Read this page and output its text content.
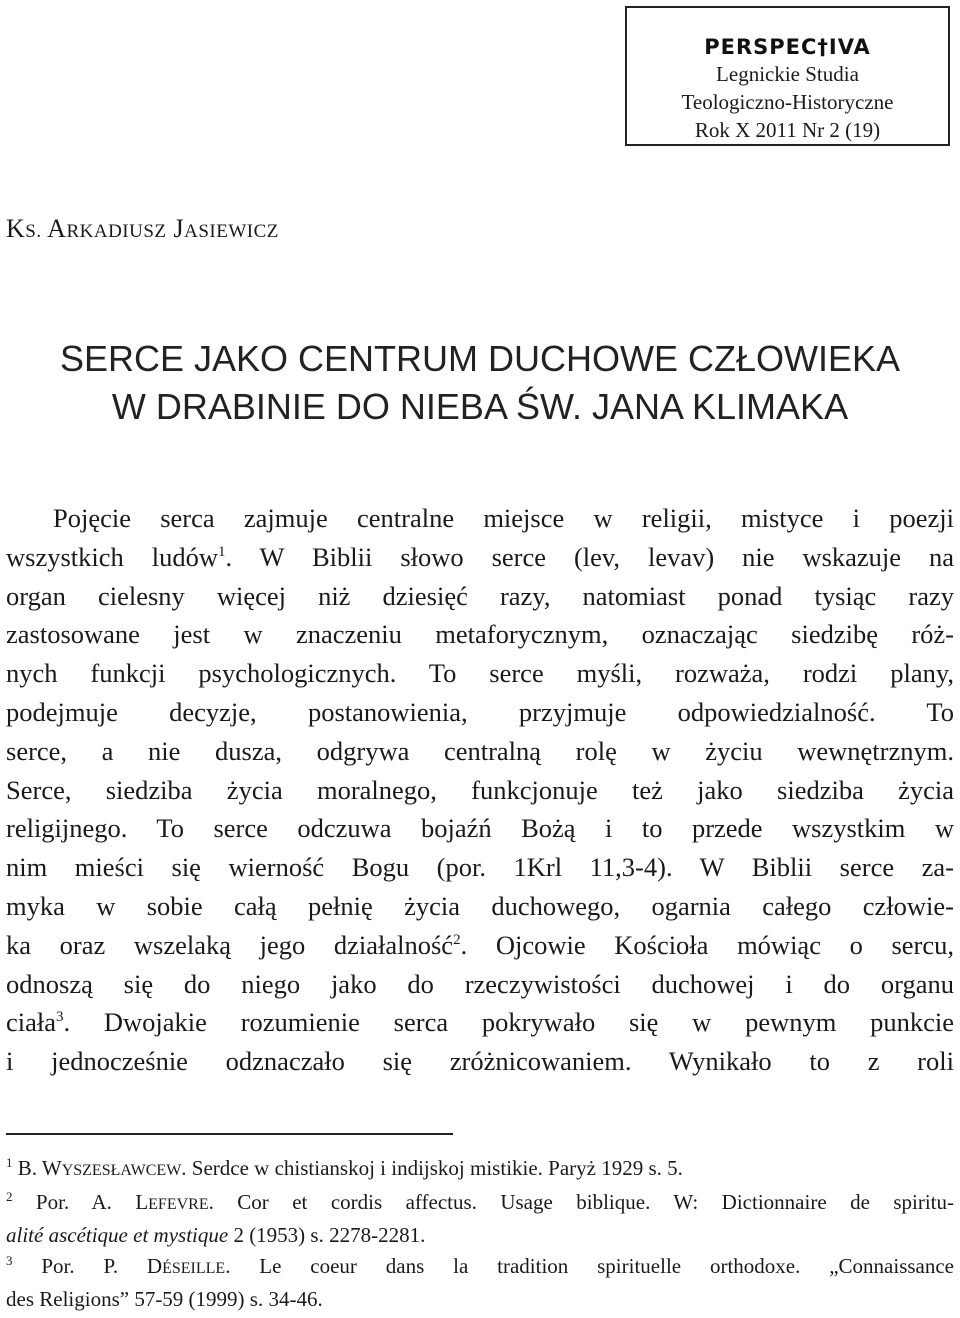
PERSPEC†IVA
Legnickie Studia
Teologiczno-Historyczne
Rok X 2011 Nr 2 (19)
KS. ARKADIUSZ JASIEWICZ
SERCE JAKO CENTRUM DUCHOWE CZŁOWIEKA
W DRABINIE DO NIEBA ŚW. JANA KLIMAKA
Pojęcie serca zajmuje centralne miejsce w religii, mistyce i poezji
wszystkich ludów$^1$. W Biblii słowo serce (lev, levav) nie wskazuje na
organ cielesny więcej niż dziesięć razy, natomiast ponad tysiąc razy
zastosowane jest w znaczeniu metaforycznym, oznaczając siedzibę róż-
nych funkcji psychologicznych. To serce myśli, rozważa, rodzi plany,
podejmuje decyzje, postanowienia, przyjmuje odpowiedzialność. To
serce, a nie dusza, odgrywa centralną rolę w życiu wewnętrznym.
Serce, siedziba życia moralnego, funkcjonuje też jako siedziba życia
religijnego. To serce odczuwa bojaźń Bożą i to przede wszystkim w
nim mieści się wierność Bogu (por. 1Krl 11,3-4). W Biblii serce za-
myka w sobie całą pełnię życia duchowego, ogarnia całego człowie-
ka oraz wszelaką jego działalność$^2$. Ojcowie Kościoła mówiąc o sercu,
odnoszą się do niego jako do rzeczywistości duchowej i do organu
ciała$^3$. Dwojakie rozumienie serca pokrywało się w pewnym punkcie
i jednocześnie odznaczało się zróżnicowaniem. Wynikało to z roli
$^1$ B. WYSZESŁAWCEW. Serdce w chistianskoj i indijskoj mistikie. Paryż 1929 s. 5.
$^2$ Por. A. LEFEVRE. Cor et cordis affectus. Usage biblique. W: Dictionnaire de spiritu-
alité ascétique et mystique 2 (1953) s. 2278-2281.
$^3$ Por. P. DÉSEILLE. Le coeur dans la tradition spirituelle orthodoxe. „Connaissance
des Religions” 57-59 (1999) s. 34-46.
